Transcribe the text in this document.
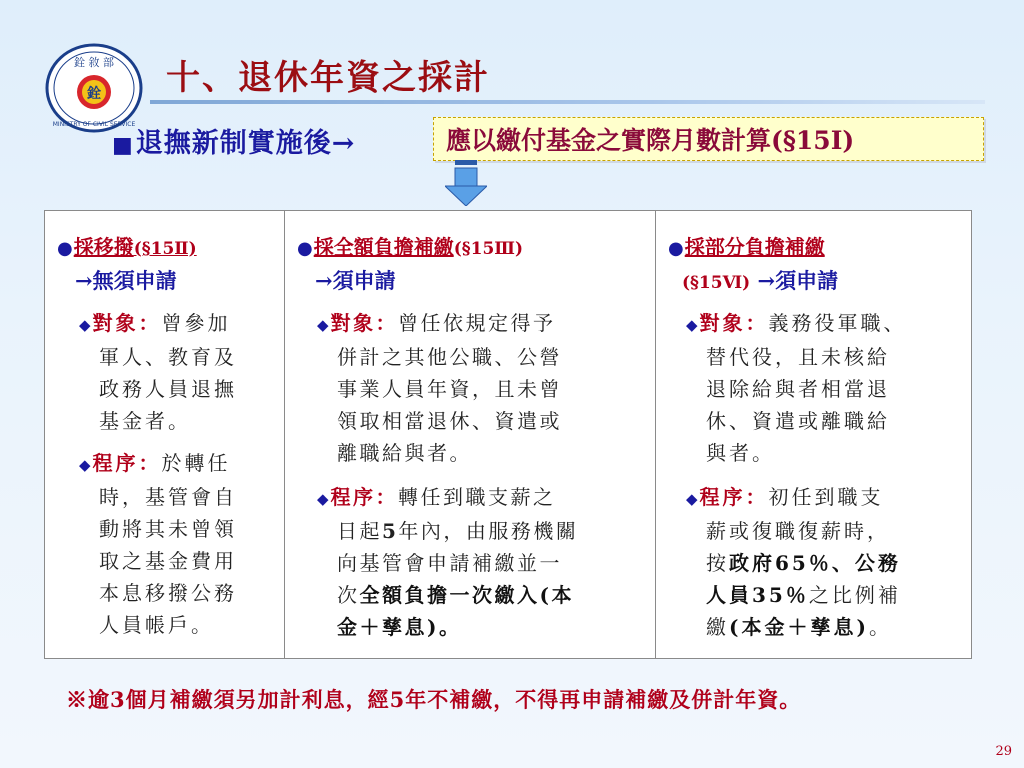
銓 敘 部
MINISTRY OF CIVIL SERVICE
銓 十、退休年資之採計
■退撫新制實施後→	應以繳付基金之實際月數計算(§15Ⅰ)
●採移撥(§15Ⅱ)
→無須申請
◆ 對象：曾參加
軍人、教育及
政務人員退撫
基金者。
◆ 程序：於轉任
時，基管會自
動將其未曾領
取之基金費用
本息移撥公務
人員帳戶。
●採全額負擔補繳(§15Ⅲ)
→須申請
◆ 對象：曾任依規定得予
併計之其他公職、公營
事業人員年資，且未曾
領取相當退休、資遣或
離職給與者。
◆ 程序：轉任到職支薪之
日起5年內，由服務機關
向基管會申請補繳並一
次全額負擔一次繳入(本
金＋孳息)。
●採部分負擔補繳
(§15Ⅵ) →須申請
◆ 對象：義務役軍職、
替代役，且未核給
退除給與者相當退
休、資遣或離職給
與者。
◆ 程序：初任到職支
薪或復職復薪時，
按政府65％、公務
人員35％之比例補
繳(本金＋孳息)。
※逾3個月補繳須另加計利息，經5年不補繳，不得再申請補繳及併計年資。
29
